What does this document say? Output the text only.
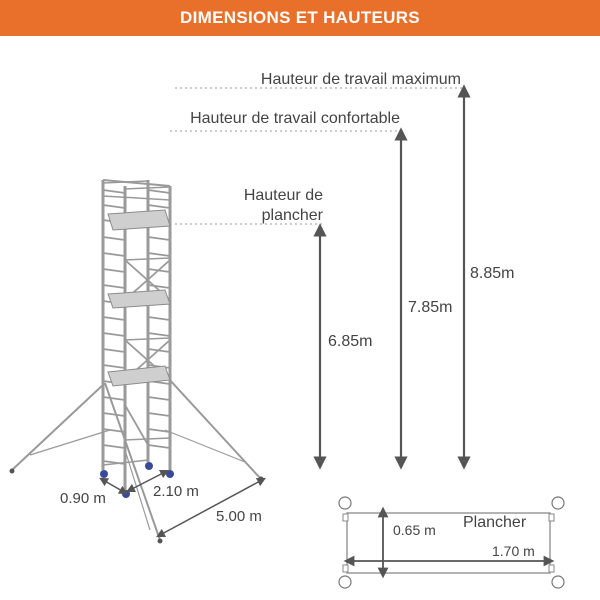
DIMENSIONS ET HAUTEURS
0.90 m	2.10 m
5.00 m
Hauteur de travail maximum
Hauteur de travail confortable
Hauteur de
plancher
6.85m
7.85m
8.85m
Plancher
0.65 m
1.70 m
